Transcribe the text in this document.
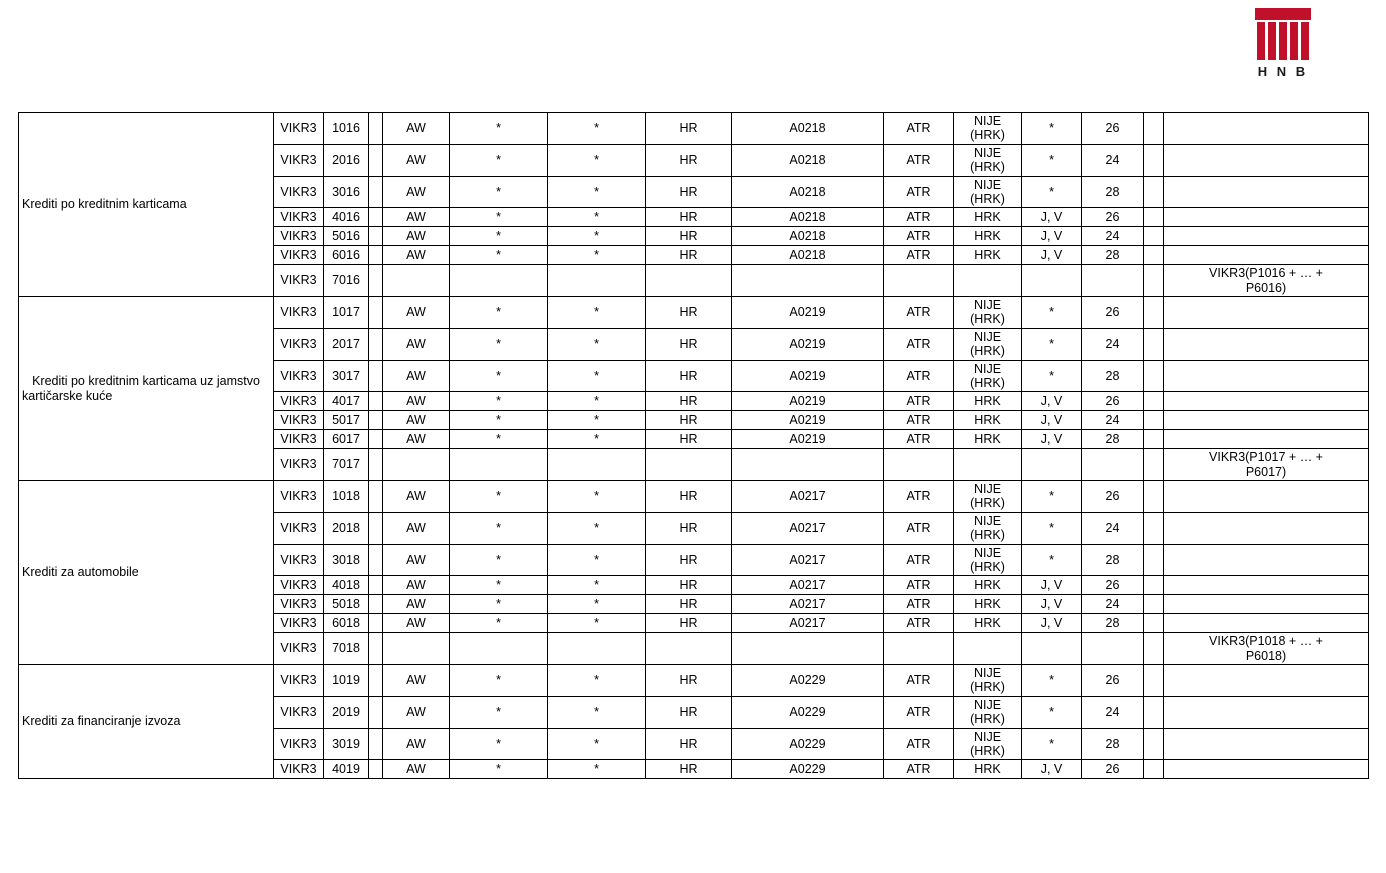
H N B
Krediti po kreditnim karticama	VIKR3	1016		AW	*	*	HR	A0218	ATR	NIJE
(HRK)	*	26		
	VIKR3	2016		AW	*	*	HR	A0218	ATR	NIJE
(HRK)	*	24		
	VIKR3	3016		AW	*	*	HR	A0218	ATR	NIJE
(HRK)	*	28		
	VIKR3	4016		AW	*	*	HR	A0218	ATR	HRK	J, V	26		
	VIKR3	5016		AW	*	*	HR	A0218	ATR	HRK	J, V	24		
	VIKR3	6016		AW	*	*	HR	A0218	ATR	HRK	J, V	28		
	VIKR3	7016												VIKR3(P1016 + … +
P6016)
Krediti po kreditnim karticama uz jamstvo kartičarske kuće	VIKR3	1017		AW	*	*	HR	A0219	ATR	NIJE
(HRK)	*	26		
	VIKR3	2017		AW	*	*	HR	A0219	ATR	NIJE
(HRK)	*	24		
	VIKR3	3017		AW	*	*	HR	A0219	ATR	NIJE
(HRK)	*	28		
	VIKR3	4017		AW	*	*	HR	A0219	ATR	HRK	J, V	26		
	VIKR3	5017		AW	*	*	HR	A0219	ATR	HRK	J, V	24		
	VIKR3	6017		AW	*	*	HR	A0219	ATR	HRK	J, V	28		
	VIKR3	7017												VIKR3(P1017 + … +
P6017)
Krediti za automobile	VIKR3	1018		AW	*	*	HR	A0217	ATR	NIJE
(HRK)	*	26		
	VIKR3	2018		AW	*	*	HR	A0217	ATR	NIJE
(HRK)	*	24		
	VIKR3	3018		AW	*	*	HR	A0217	ATR	NIJE
(HRK)	*	28		
	VIKR3	4018		AW	*	*	HR	A0217	ATR	HRK	J, V	26		
	VIKR3	5018		AW	*	*	HR	A0217	ATR	HRK	J, V	24		
	VIKR3	6018		AW	*	*	HR	A0217	ATR	HRK	J, V	28		
	VIKR3	7018												VIKR3(P1018 + … +
P6018)
Krediti za financiranje izvoza	VIKR3	1019		AW	*	*	HR	A0229	ATR	NIJE
(HRK)	*	26		
	VIKR3	2019		AW	*	*	HR	A0229	ATR	NIJE
(HRK)	*	24		
	VIKR3	3019		AW	*	*	HR	A0229	ATR	NIJE
(HRK)	*	28		
	VIKR3	4019		AW	*	*	HR	A0229	ATR	HRK	J, V	26		
